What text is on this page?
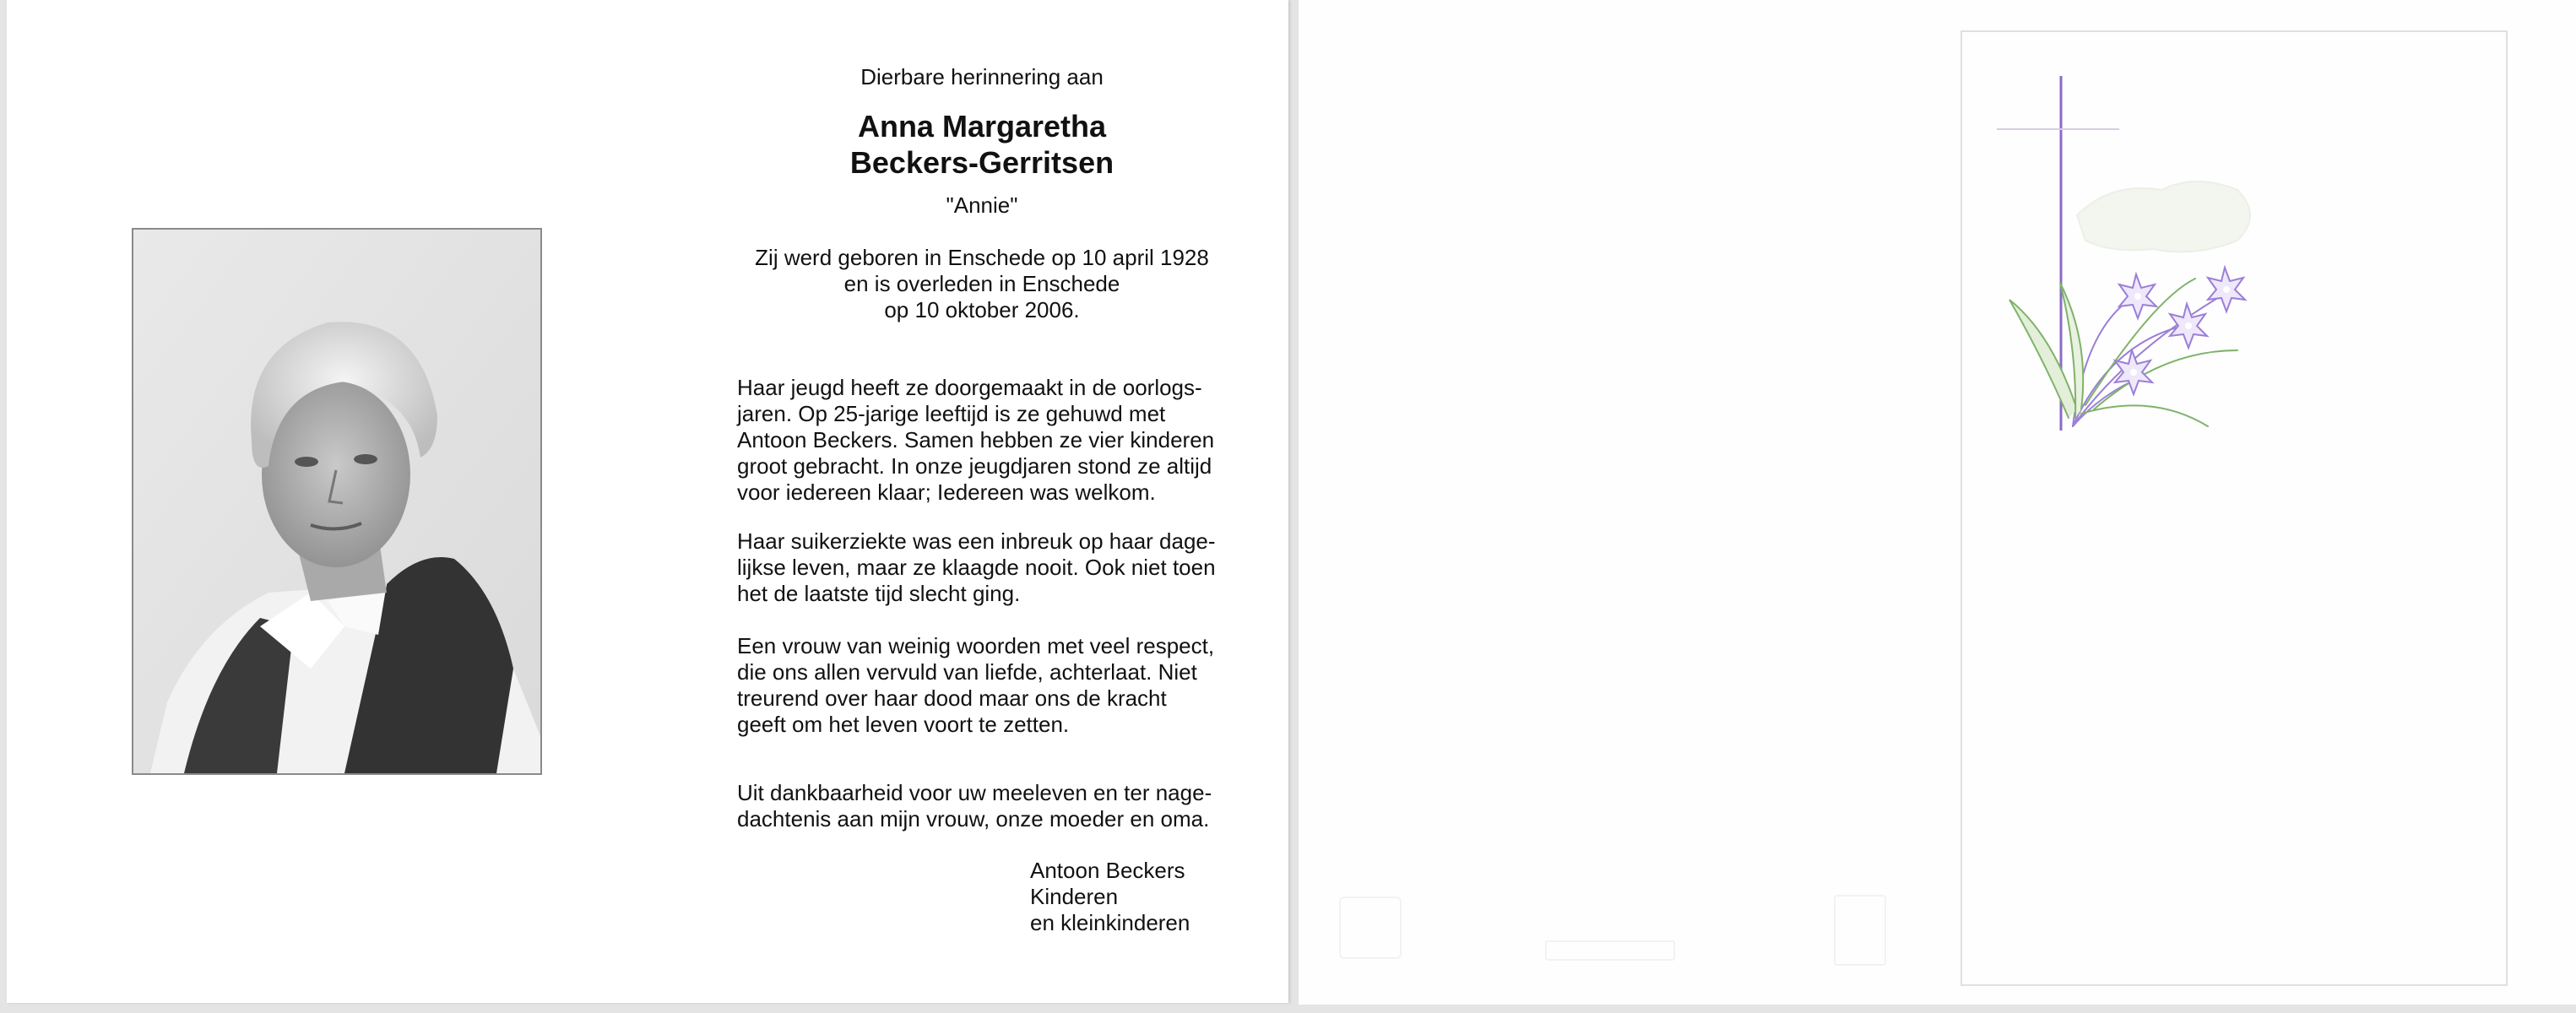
Dierbare herinnering aan
Anna Margaretha
Beckers-Gerritsen
"Annie"
Zij werd geboren in Enschede op 10 april 1928
en is overleden in Enschede
op 10 oktober 2006.
Haar jeugd heeft ze doorgemaakt in de oorlogs-
jaren. Op 25-jarige leeftijd is ze gehuwd met
Antoon Beckers. Samen hebben ze vier kinderen
groot gebracht. In onze jeugdjaren stond ze altijd
voor iedereen klaar; Iedereen was welkom.
Haar suikerziekte was een inbreuk op haar dage-
lijkse leven, maar ze klaagde nooit. Ook niet toen
het de laatste tijd slecht ging.
Een vrouw van weinig woorden met veel respect,
die ons allen vervuld van liefde, achterlaat. Niet
treurend over haar dood maar ons de kracht
geeft om het leven voort te zetten.
Uit dankbaarheid voor uw meeleven en ter nage-
dachtenis aan mijn vrouw, onze moeder en oma.
Antoon Beckers
Kinderen
en kleinkinderen
